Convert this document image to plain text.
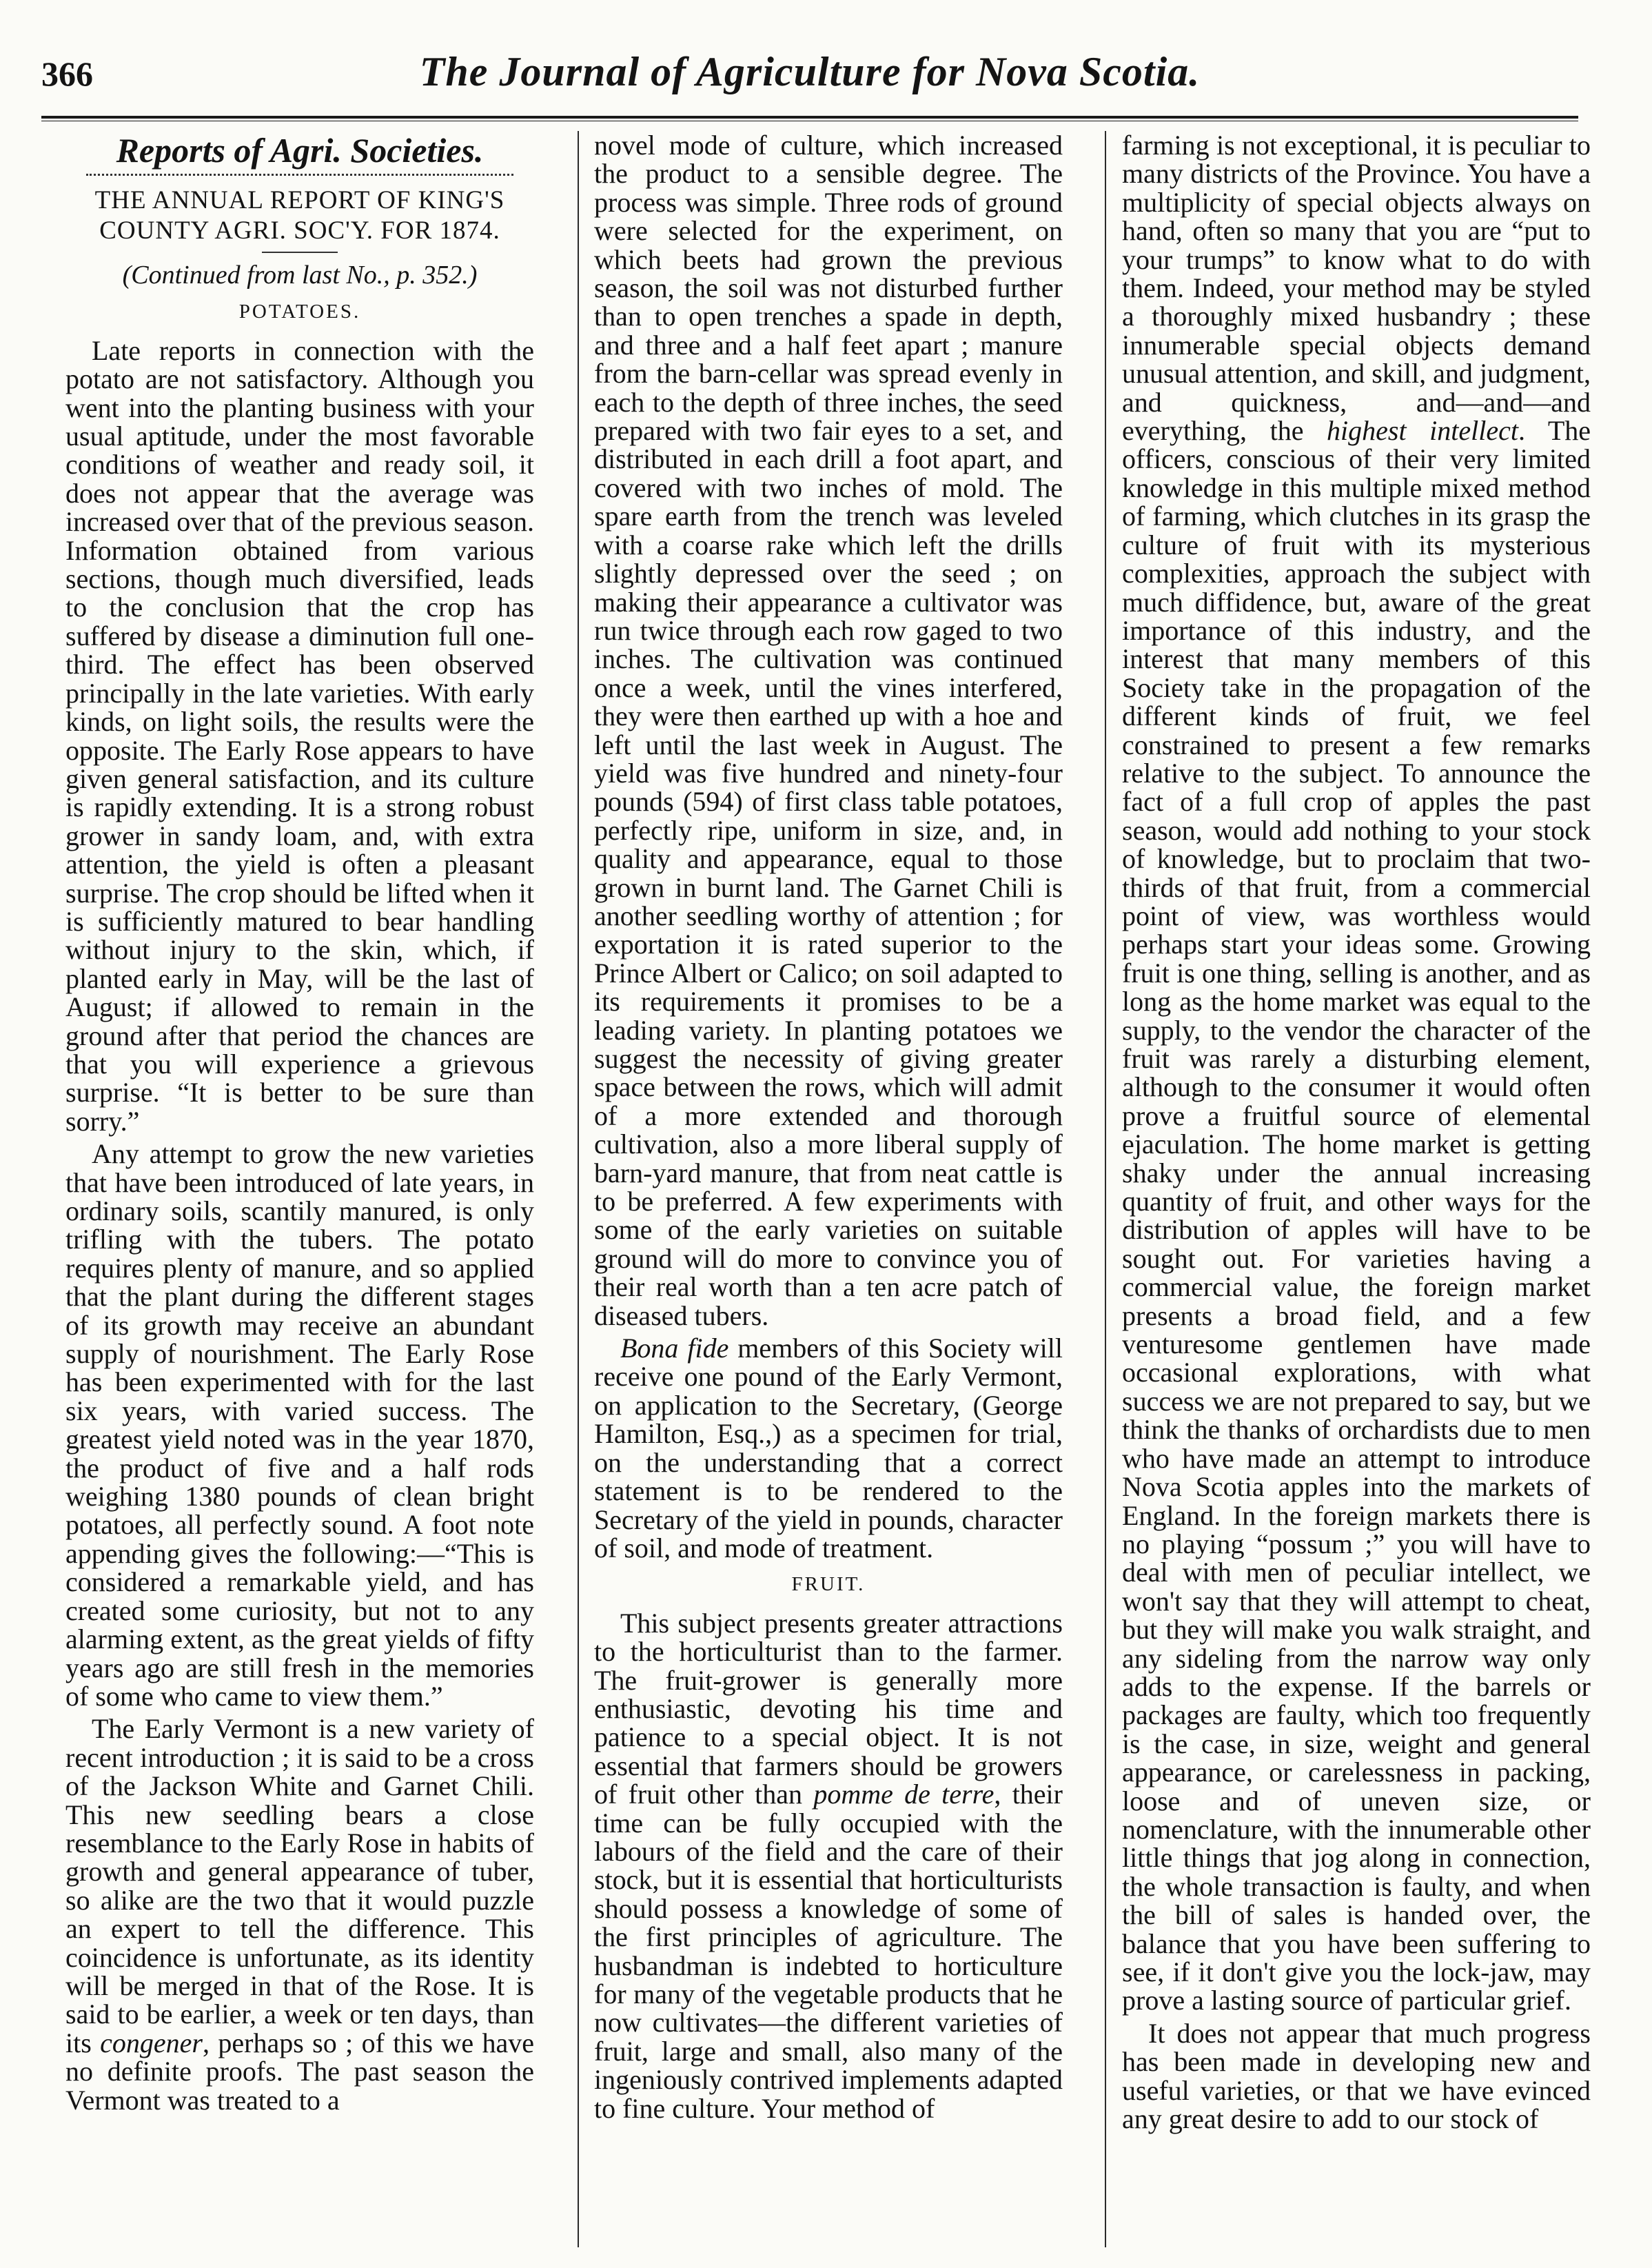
366	The Journal of Agriculture for Nova Scotia.
Reports of Agri. Societies.
THE ANNUAL REPORT OF KING'S COUNTY AGRI. SOC'Y. FOR 1874.
(Continued from last No., p. 352.)
POTATOES.

Late reports in connection with the potato are not satisfactory. Although you went into the planting business with your usual aptitude, under the most favorable conditions of weather and ready soil, it does not appear that the average was increased over that of the previous season. Information obtained from various sections, though much diversified, leads to the conclusion that the crop has suffered by disease a diminution full one-third. The effect has been observed principally in the late varieties. With early kinds, on light soils, the results were the opposite. The Early Rose appears to have given general satisfaction, and its culture is rapidly extending. It is a strong robust grower in sandy loam, and, with extra attention, the yield is often a pleasant surprise. The crop should be lifted when it is sufficiently matured to bear handling without injury to the skin, which, if planted early in May, will be the last of August; if allowed to remain in the ground after that period the chances are that you will experience a grievous surprise. “It is better to be sure than sorry.”

Any attempt to grow the new varieties that have been introduced of late years, in ordinary soils, scantily manured, is only trifling with the tubers. The potato requires plenty of manure, and so applied that the plant during the different stages of its growth may receive an abundant supply of nourishment. The Early Rose has been experimented with for the last six years, with varied success. The greatest yield noted was in the year 1870, the product of five and a half rods weighing 1380 pounds of clean bright potatoes, all perfectly sound. A foot note appending gives the following:—“This is considered a remarkable yield, and has created some curiosity, but not to any alarming extent, as the great yields of fifty years ago are still fresh in the memories of some who came to view them.”

The Early Vermont is a new variety of recent introduction ; it is said to be a cross of the Jackson White and Garnet Chili. This new seedling bears a close resemblance to the Early Rose in habits of growth and general appearance of tuber, so alike are the two that it would puzzle an expert to tell the difference. This coincidence is unfortunate, as its identity will be merged in that of the Rose. It is said to be earlier, a week or ten days, than its congener, perhaps so ; of this we have no definite proofs. The past season the Vermont was treated to a

novel mode of culture, which increased the product to a sensible degree. The process was simple. Three rods of ground were selected for the experiment, on which beets had grown the previous season, the soil was not disturbed further than to open trenches a spade in depth, and three and a half feet apart ; manure from the barn-cellar was spread evenly in each to the depth of three inches, the seed prepared with two fair eyes to a set, and distributed in each drill a foot apart, and covered with two inches of mold. The spare earth from the trench was leveled with a coarse rake which left the drills slightly depressed over the seed ; on making their appearance a cultivator was run twice through each row gaged to two inches. The cultivation was continued once a week, until the vines interfered, they were then earthed up with a hoe and left until the last week in August. The yield was five hundred and ninety-four pounds (594) of first class table potatoes, perfectly ripe, uniform in size, and, in quality and appearance, equal to those grown in burnt land. The Garnet Chili is another seedling worthy of attention ; for exportation it is rated superior to the Prince Albert or Calico; on soil adapted to its requirements it promises to be a leading variety. In planting potatoes we suggest the necessity of giving greater space between the rows, which will admit of a more extended and thorough cultivation, also a more liberal supply of barn-yard manure, that from neat cattle is to be preferred. A few experiments with some of the early varieties on suitable ground will do more to convince you of their real worth than a ten acre patch of diseased tubers.

Bona fide members of this Society will receive one pound of the Early Vermont, on application to the Secretary, (George Hamilton, Esq.,) as a specimen for trial, on the understanding that a correct statement is to be rendered to the Secretary of the yield in pounds, character of soil, and mode of treatment.

FRUIT.

This subject presents greater attractions to the horticulturist than to the farmer. The fruit-grower is generally more enthusiastic, devoting his time and patience to a special object. It is not essential that farmers should be growers of fruit other than pomme de terre, their time can be fully occupied with the labours of the field and the care of their stock, but it is essential that horticulturists should possess a knowledge of some of the first principles of agriculture. The husbandman is indebted to horticulture for many of the vegetable products that he now cultivates—the different varieties of fruit, large and small, also many of the ingeniously contrived implements adapted to fine culture. Your method of

farming is not exceptional, it is peculiar to many districts of the Province. You have a multiplicity of special objects always on hand, often so many that you are “put to your trumps” to know what to do with them. Indeed, your method may be styled a thoroughly mixed husbandry ; these innumerable special objects demand unusual attention, and skill, and judgment, and quickness, and—and—and everything, the highest intellect. The officers, conscious of their very limited knowledge in this multiple mixed method of farming, which clutches in its grasp the culture of fruit with its mysterious complexities, approach the subject with much diffidence, but, aware of the great importance of this industry, and the interest that many members of this Society take in the propagation of the different kinds of fruit, we feel constrained to present a few remarks relative to the subject. To announce the fact of a full crop of apples the past season, would add nothing to your stock of knowledge, but to proclaim that two-thirds of that fruit, from a commercial point of view, was worthless would perhaps start your ideas some. Growing fruit is one thing, selling is another, and as long as the home market was equal to the supply, to the vendor the character of the fruit was rarely a disturbing element, although to the consumer it would often prove a fruitful source of elemental ejaculation. The home market is getting shaky under the annual increasing quantity of fruit, and other ways for the distribution of apples will have to be sought out. For varieties having a commercial value, the foreign market presents a broad field, and a few venturesome gentlemen have made occasional explorations, with what success we are not prepared to say, but we think the thanks of orchardists due to men who have made an attempt to introduce Nova Scotia apples into the markets of England. In the foreign markets there is no playing “possum ;” you will have to deal with men of peculiar intellect, we won't say that they will attempt to cheat, but they will make you walk straight, and any sideling from the narrow way only adds to the expense. If the barrels or packages are faulty, which too frequently is the case, in size, weight and general appearance, or carelessness in packing, loose and of uneven size, or nomenclature, with the innumerable other little things that jog along in connection, the whole transaction is faulty, and when the bill of sales is handed over, the balance that you have been suffering to see, if it don't give you the lock-jaw, may prove a lasting source of particular grief.

It does not appear that much progress has been made in developing new and useful varieties, or that we have evinced any great desire to add to our stock of
